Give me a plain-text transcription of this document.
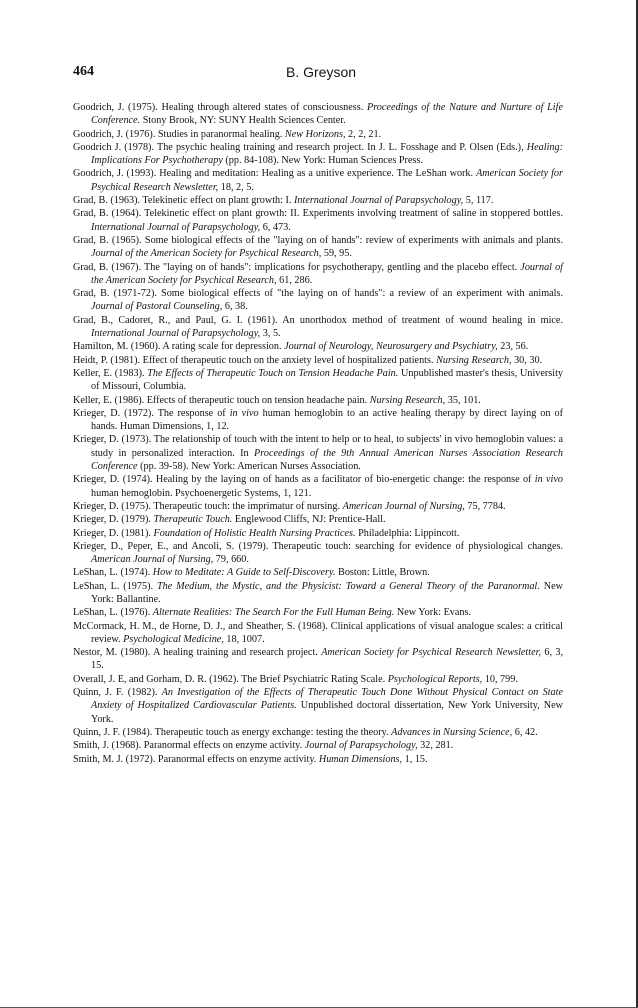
464	B. Greyson
Goodrich, J. (1975). Healing through altered states of consciousness. Proceedings of the Nature and Nurture of Life Conference. Stony Brook, NY: SUNY Health Sciences Center.
Goodrich, J. (1976). Studies in paranormal healing. New Horizons, 2, 2, 21.
Goodrich J. (1978). The psychic healing training and research project. In J. L. Fosshage and P. Olsen (Eds.), Healing: Implications For Psychotherapy (pp. 84-108). New York: Human Sciences Press.
Goodrich, J. (1993). Healing and meditation: Healing as a unitive experience. The LeShan work. American Society for Psychical Research Newsletter, 18, 2, 5.
Grad, B. (1963). Telekinetic effect on plant growth: I. International Journal of Parapsychology, 5, 117.
Grad, B. (1964). Telekinetic effect on plant growth: II. Experiments involving treatment of saline in stoppered bottles. International Journal of Parapsychology, 6, 473.
Grad, B. (1965). Some biological effects of the "laying on of hands": review of experiments with animals and plants. Journal of the American Society for Psychical Research, 59, 95.
Grad, B. (1967). The "laying on of hands": implications for psychotherapy, gentling and the placebo effect. Journal of the American Society for Psychical Research, 61, 286.
Grad, B. (1971-72). Some biological effects of "the laying on of hands": a review of an experiment with animals. Journal of Pastoral Counseling, 6, 38.
Grad, B., Cadoret, R., and Paul, G. I. (1961). An unorthodox method of treatment of wound healing in mice. International Journal of Parapsychology, 3, 5.
Hamilton, M. (1960). A rating scale for depression. Journal of Neurology, Neurosurgery and Psychiatry, 23, 56.
Heidt, P. (1981). Effect of therapeutic touch on the anxiety level of hospitalized patients. Nursing Research, 30, 30.
Keller, E. (1983). The Effects of Therapeutic Touch on Tension Headache Pain. Unpublished master's thesis, University of Missouri, Columbia.
Keller, E. (1986). Effects of therapeutic touch on tension headache pain. Nursing Research, 35, 101.
Krieger, D. (1972). The response of in vivo human hemoglobin to an active healing therapy by direct laying on of hands. Human Dimensions, 1, 12.
Krieger, D. (1973). The relationship of touch with the intent to help or to heal, to subjects' in vivo hemoglobin values: a study in personalized interaction. In Proceedings of the 9th Annual American Nurses Association Research Conference (pp. 39-58). New York: American Nurses Association.
Krieger, D. (1974). Healing by the laying on of hands as a facilitator of bio-energetic change: the response of in vivo human hemoglobin. Psychoenergetic Systems, 1, 121.
Krieger, D. (1975). Therapeutic touch: the imprimatur of nursing. American Journal of Nursing, 75, 7784.
Krieger, D. (1979). Therapeutic Touch. Englewood Cliffs, NJ: Prentice-Hall.
Krieger, D. (1981). Foundation of Holistic Health Nursing Practices. Philadelphia: Lippincott.
Krieger, D., Peper, E., and Ancoli, S. (1979). Therapeutic touch: searching for evidence of physiological changes. American Journal of Nursing, 79, 660.
LeShan, L. (1974). How to Meditate: A Guide to Self-Discovery. Boston: Little, Brown.
LeShan, L. (1975). The Medium, the Mystic, and the Physicist: Toward a General Theory of the Paranormal. New York: Ballantine.
LeShan, L. (1976). Alternate Realities: The Search For the Full Human Being. New York: Evans.
McCormack, H. M., de Horne, D. J., and Sheather, S. (1968). Clinical applications of visual analogue scales: a critical review. Psychological Medicine, 18, 1007.
Nestor, M. (1980). A healing training and research project. American Society for Psychical Research Newsletter, 6, 3, 15.
Overall, J. E, and Gorham, D. R. (1962). The Brief Psychiatric Rating Scale. Psychological Reports, 10, 799.
Quinn, J. F. (1982). An Investigation of the Effects of Therapeutic Touch Done Without Physical Contact on State Anxiety of Hospitalized Cardiovascular Patients. Unpublished doctoral dissertation, New York University, New York.
Quinn, J. F. (1984). Therapeutic touch as energy exchange: testing the theory. Advances in Nursing Science, 6, 42.
Smith, J. (1968). Paranormal effects on enzyme activity. Journal of Parapsychology, 32, 281.
Smith, M. J. (1972). Paranormal effects on enzyme activity. Human Dimensions, 1, 15.
